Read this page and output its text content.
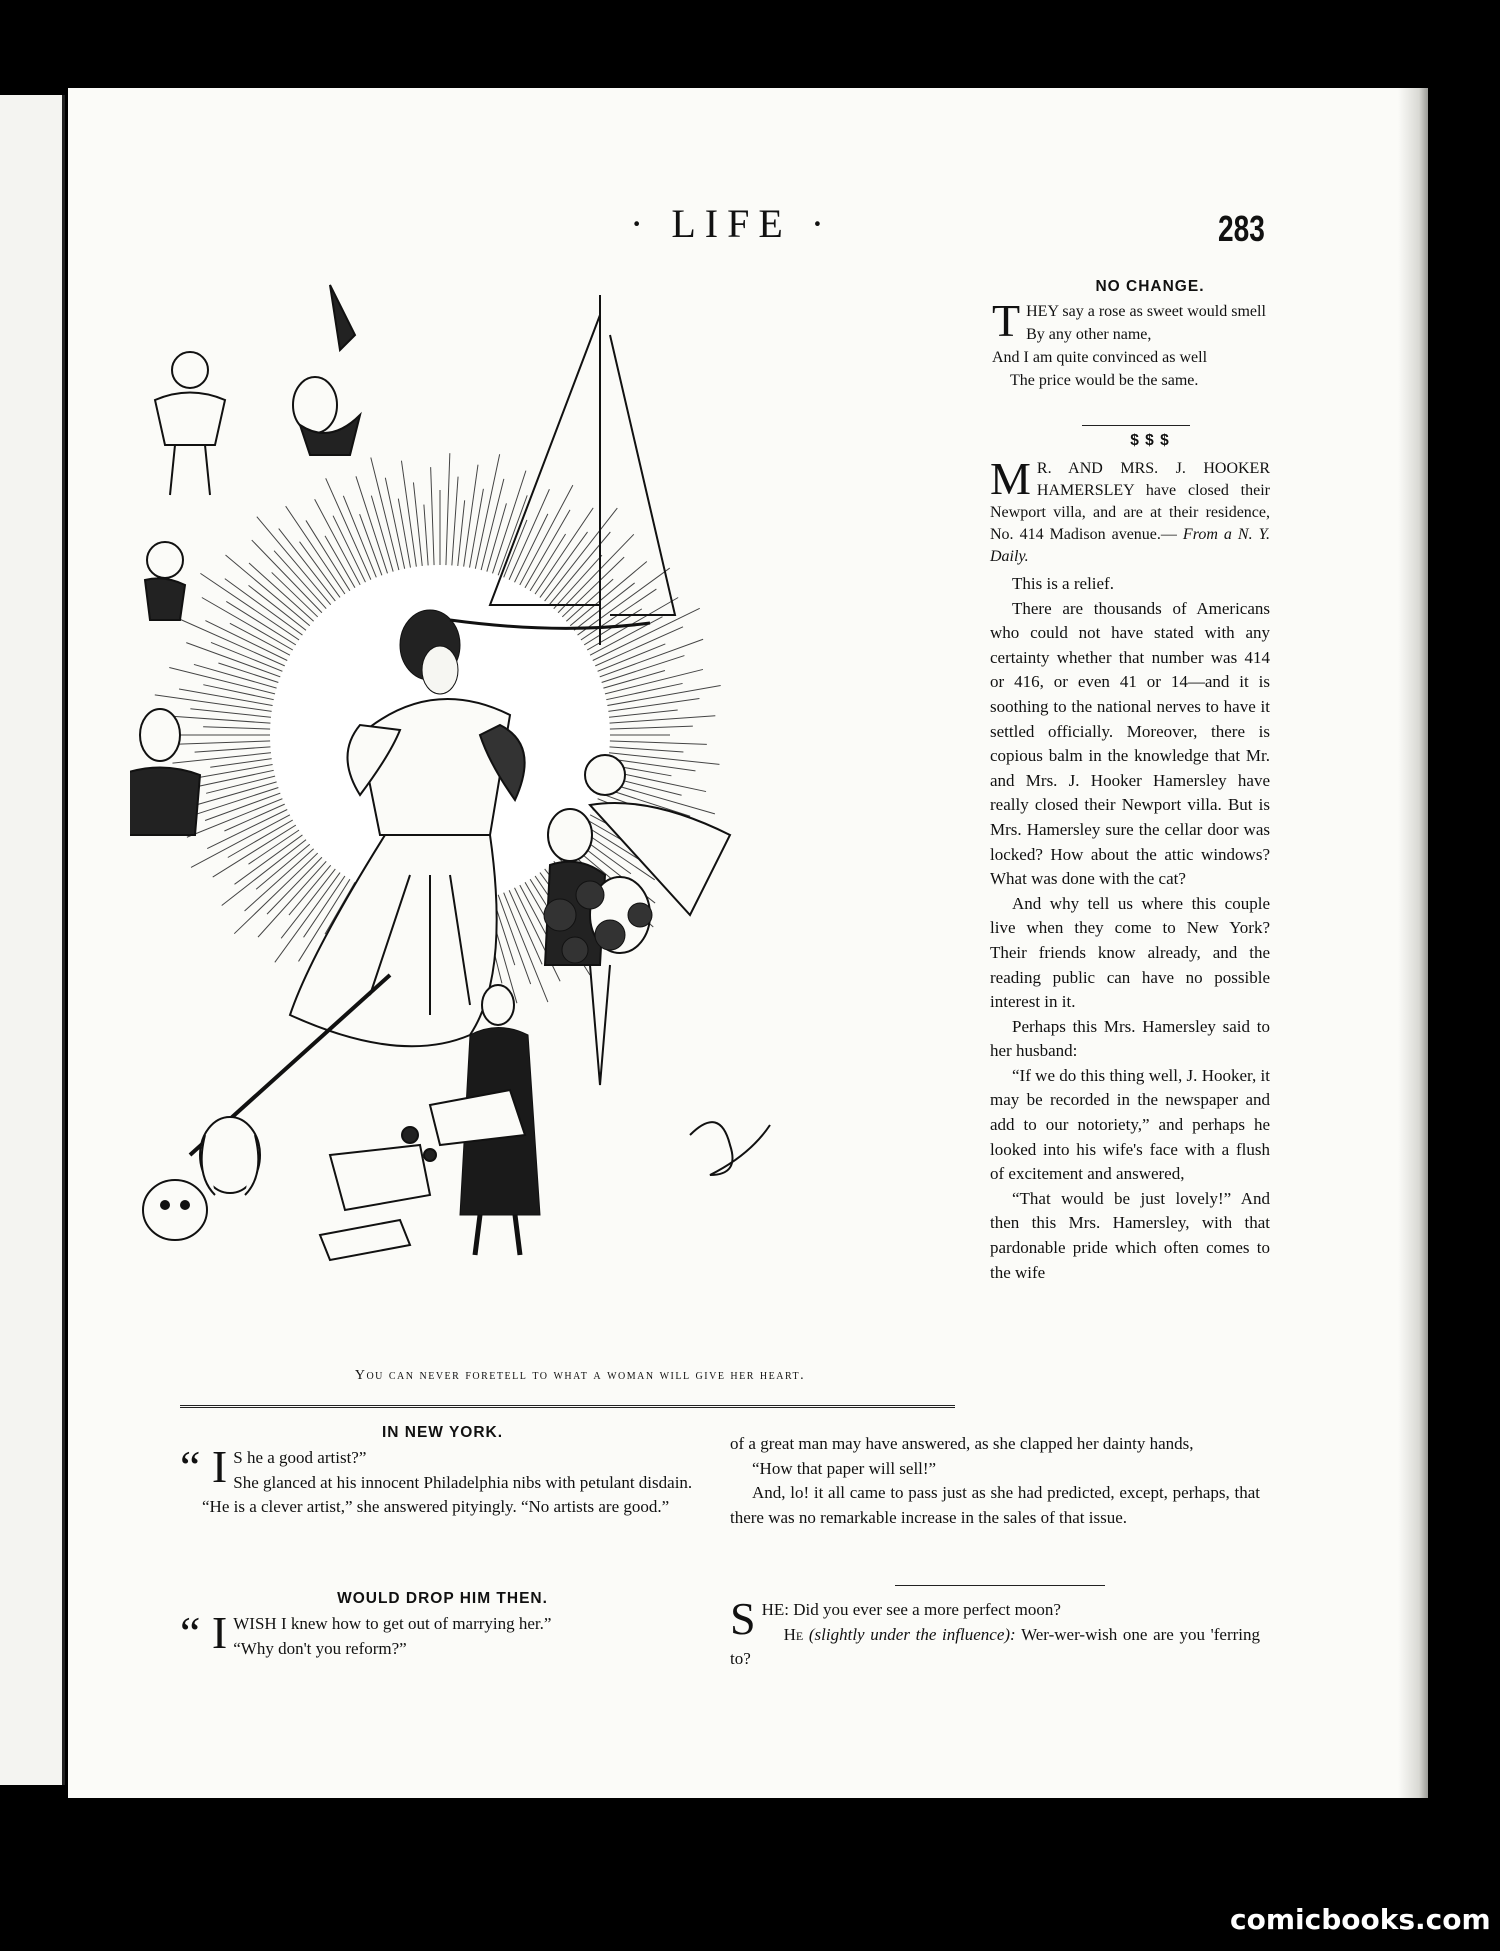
· LIFE ·	283
You can never foretell to what a woman will give her heart.
NO CHANGE.

THEY say a rose as sweet would smell

By any other name,

And I am quite convinced as well

The price would be the same.

$ $ $

M R. AND MRS. J. HOOKER HAMERSLEY have closed their Newport villa, and are at their residence, No. 414 Madison avenue.— From a N. Y. Daily.

This is a relief.

There are thousands of Americans who could not have stated with any certainty whether that number was 414 or 416, or even 41 or 14—and it is soothing to the national nerves to have it settled officially. Moreover, there is copious balm in the knowledge that Mr. and Mrs. J. Hooker Hamersley have really closed their Newport villa. But is Mrs. Hamersley sure the cellar door was locked? How about the attic windows? What was done with the cat?

And why tell us where this couple live when they come to New York? Their friends know already, and the reading public can have no possible interest in it.

Perhaps this Mrs. Hamersley said to her husband:

“If we do this thing well, J. Hooker, it may be recorded in the newspaper and add to our notoriety,” and perhaps he looked into his wife's face with a flush of excitement and answered,

“That would be just lovely!” And then this Mrs. Hamersley, with that pardonable pride which often comes to the wife

IN NEW YORK.

“ I S he a good artist?”

She glanced at his innocent Philadelphia nibs with petulant disdain.

“He is a clever artist,” she answered pityingly. “No artists are good.”

WOULD DROP HIM THEN.

“ I WISH I knew how to get out of marrying her.”

“Why don't you reform?”

of a great man may have answered, as she clapped her dainty hands,

“How that paper will sell!”

And, lo! it all came to pass just as she had predicted, except, perhaps, that there was no remarkable increase in the sales of that issue.

SHE: Did you ever see a more perfect moon?

He (slightly under the influence): Wer-wer-wish one are you 'ferring to?

comicbooks.com
